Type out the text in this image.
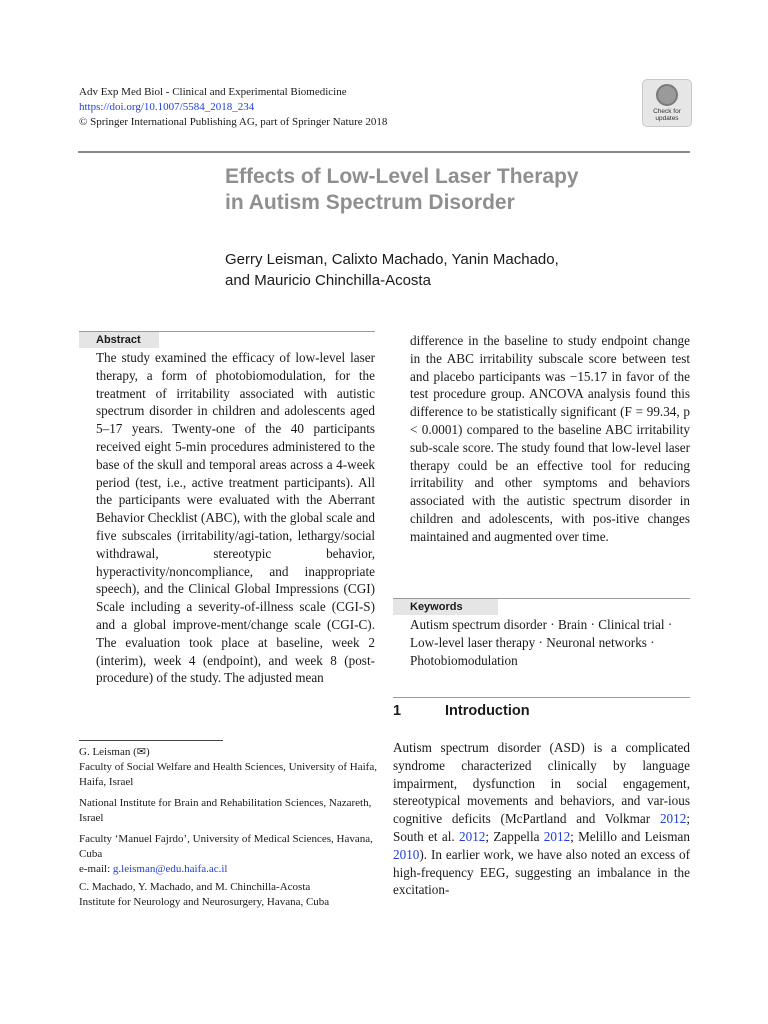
Adv Exp Med Biol - Clinical and Experimental Biomedicine
https://doi.org/10.1007/5584_2018_234
© Springer International Publishing AG, part of Springer Nature 2018
Check for
updates
Effects of Low-Level Laser Therapy
in Autism Spectrum Disorder
Gerry Leisman, Calixto Machado, Yanin Machado,
and Mauricio Chinchilla-Acosta
Abstract
The study examined the efficacy of low-level laser therapy, a form of photobiomodulation, for the treatment of irritability associated with autistic spectrum disorder in children and adolescents aged 5–17 years. Twenty-one of the 40 participants received eight 5-min procedures administered to the base of the skull and temporal areas across a 4-week period (test, i.e., active treatment participants). All the participants were evaluated with the Aberrant Behavior Checklist (ABC), with the global scale and five subscales (irritability/agi-tation, lethargy/social withdrawal, stereotypic behavior, hyperactivity/noncompliance, and inappropriate speech), and the Clinical Global Impressions (CGI) Scale including a severity-of-illness scale (CGI-S) and a global improve-ment/change scale (CGI-C). The evaluation took place at baseline, week 2 (interim), week 4 (endpoint), and week 8 (post-procedure) of the study. The adjusted mean
difference in the baseline to study endpoint change in the ABC irritability subscale score between test and placebo participants was −15.17 in favor of the test procedure group. ANCOVA analysis found this difference to be statistically significant (F = 99.34, p < 0.0001) compared to the baseline ABC irritability sub-scale score. The study found that low-level laser therapy could be an effective tool for reducing irritability and other symptoms and behaviors associated with the autistic spectrum disorder in children and adolescents, with pos-itive changes maintained and augmented over time.
Keywords
Autism spectrum disorder · Brain · Clinical trial · Low-level laser therapy · Neuronal networks · Photobiomodulation
1	Introduction
Autism spectrum disorder (ASD) is a complicated syndrome characterized clinically by language impairment, dysfunction in social engagement, stereotypical movements and behaviors, and var-ious cognitive deficits (McPartland and Volkmar 2012; South et al. 2012; Zappella 2012; Melillo and Leisman 2010). In earlier work, we have also noted an excess of high-frequency EEG, suggesting an imbalance in the excitation-
G. Leisman (✉)
Faculty of Social Welfare and Health Sciences, University of Haifa, Haifa, Israel
National Institute for Brain and Rehabilitation Sciences, Nazareth, Israel
Faculty ‘Manuel Fajrdo’, University of Medical Sciences, Havana, Cuba
e-mail: g.leisman@edu.haifa.ac.il
C. Machado, Y. Machado, and M. Chinchilla-Acosta
Institute for Neurology and Neurosurgery, Havana, Cuba
